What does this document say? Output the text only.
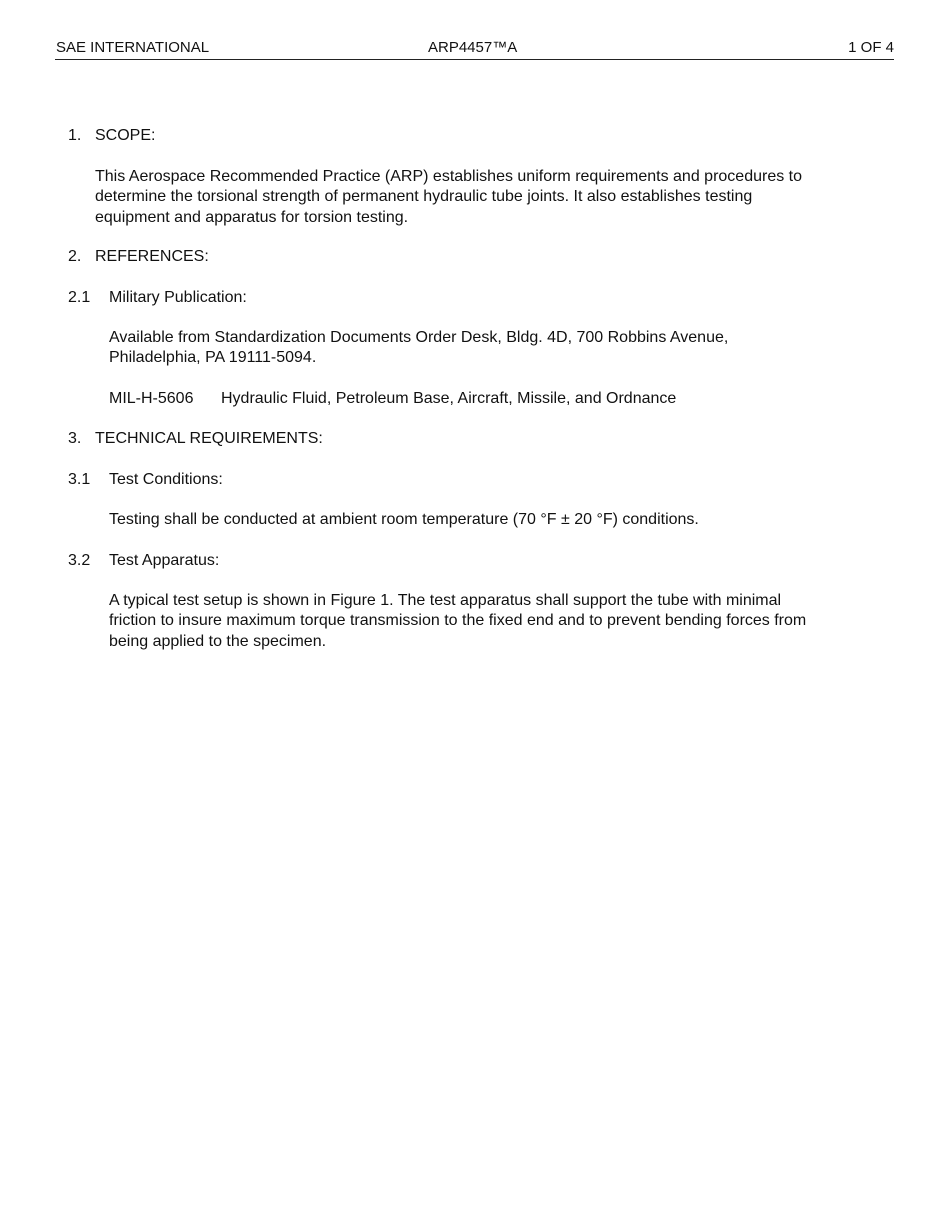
SAE INTERNATIONAL	ARP4457™A	1 OF 4
1. SCOPE:

This Aerospace Recommended Practice (ARP) establishes uniform requirements and procedures to

determine the torsional strength of permanent hydraulic tube joints. It also establishes testing

equipment and apparatus for torsion testing.

2. REFERENCES:
2.1 Military Publication:

Available from Standardization Documents Order Desk, Bldg. 4D, 700 Robbins Avenue,

Philadelphia, PA 19111-5094.

MIL-H-5606 Hydraulic Fluid, Petroleum Base, Aircraft, Missile, and Ordnance
3. TECHNICAL REQUIREMENTS:
3.1 Test Conditions:

Testing shall be conducted at ambient room temperature (70 °F ± 20 °F) conditions.

3.2 Test Apparatus:

A typical test setup is shown in Figure 1. The test apparatus shall support the tube with minimal

friction to insure maximum torque transmission to the fixed end and to prevent bending forces from

being applied to the specimen.
